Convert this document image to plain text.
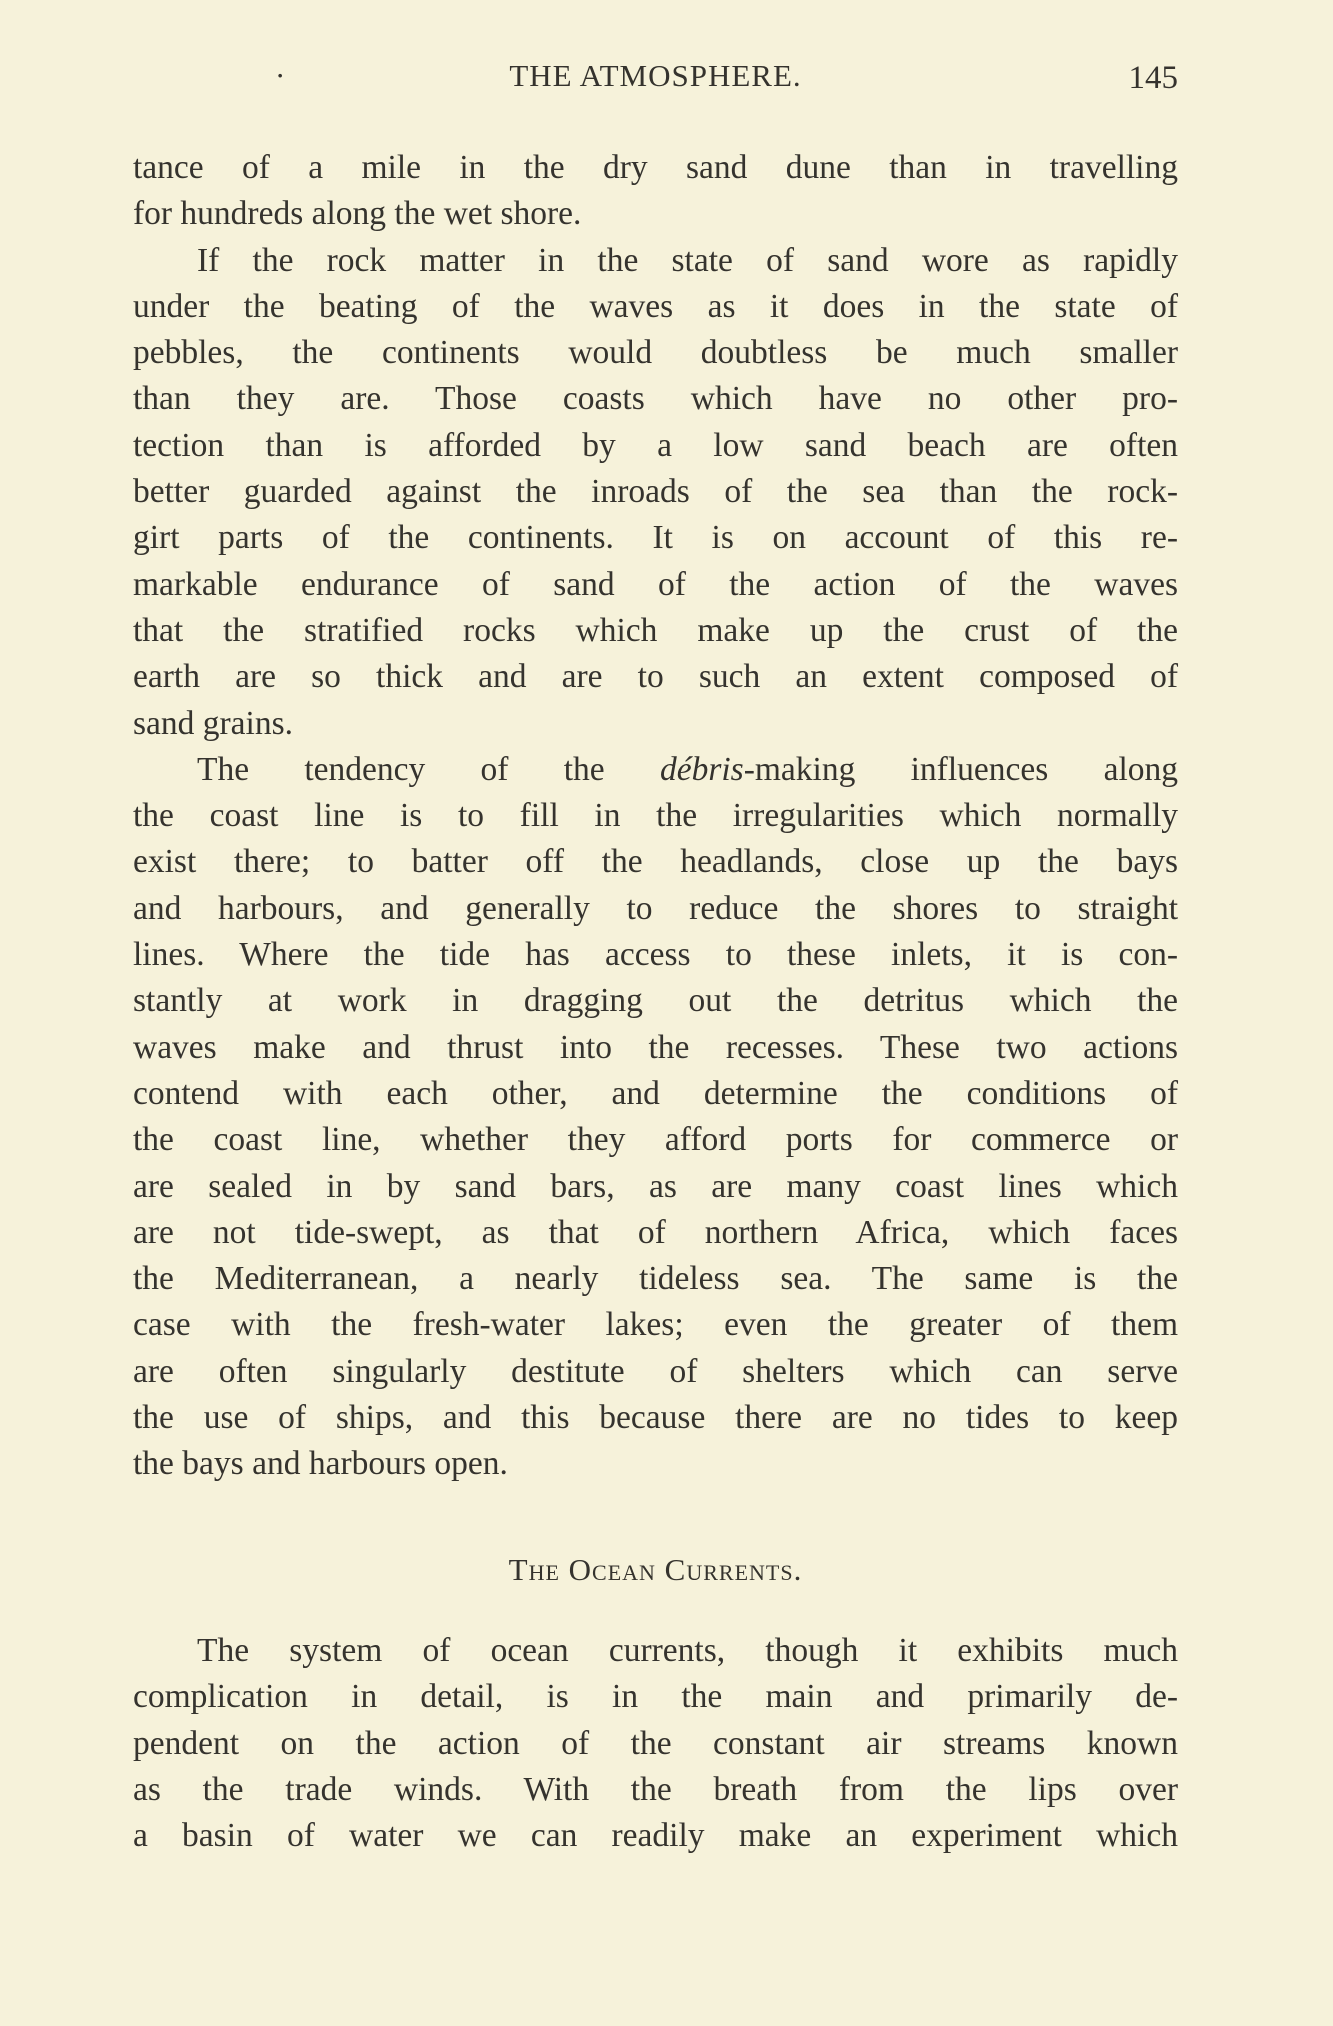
·	THE ATMOSPHERE.	145
tance of a mile in the dry sand dune than in travelling
for hundreds along the wet shore.
If the rock matter in the state of sand wore as rapidly
under the beating of the waves as it does in the state of
pebbles, the continents would doubtless be much smaller
than they are. Those coasts which have no other pro-
tection than is afforded by a low sand beach are often
better guarded against the inroads of the sea than the rock-
girt parts of the continents. It is on account of this re-
markable endurance of sand of the action of the waves
that the stratified rocks which make up the crust of the
earth are so thick and are to such an extent composed of
sand grains.
The tendency of the débris-making influences along
the coast line is to fill in the irregularities which normally
exist there; to batter off the headlands, close up the bays
and harbours, and generally to reduce the shores to straight
lines. Where the tide has access to these inlets, it is con-
stantly at work in dragging out the detritus which the
waves make and thrust into the recesses. These two actions
contend with each other, and determine the conditions of
the coast line, whether they afford ports for commerce or
are sealed in by sand bars, as are many coast lines which
are not tide-swept, as that of northern Africa, which faces
the Mediterranean, a nearly tideless sea. The same is the
case with the fresh-water lakes; even the greater of them
are often singularly destitute of shelters which can serve
the use of ships, and this because there are no tides to keep
the bays and harbours open.
The Ocean Currents.
The system of ocean currents, though it exhibits much
complication in detail, is in the main and primarily de-
pendent on the action of the constant air streams known
as the trade winds. With the breath from the lips over
a basin of water we can readily make an experiment which
